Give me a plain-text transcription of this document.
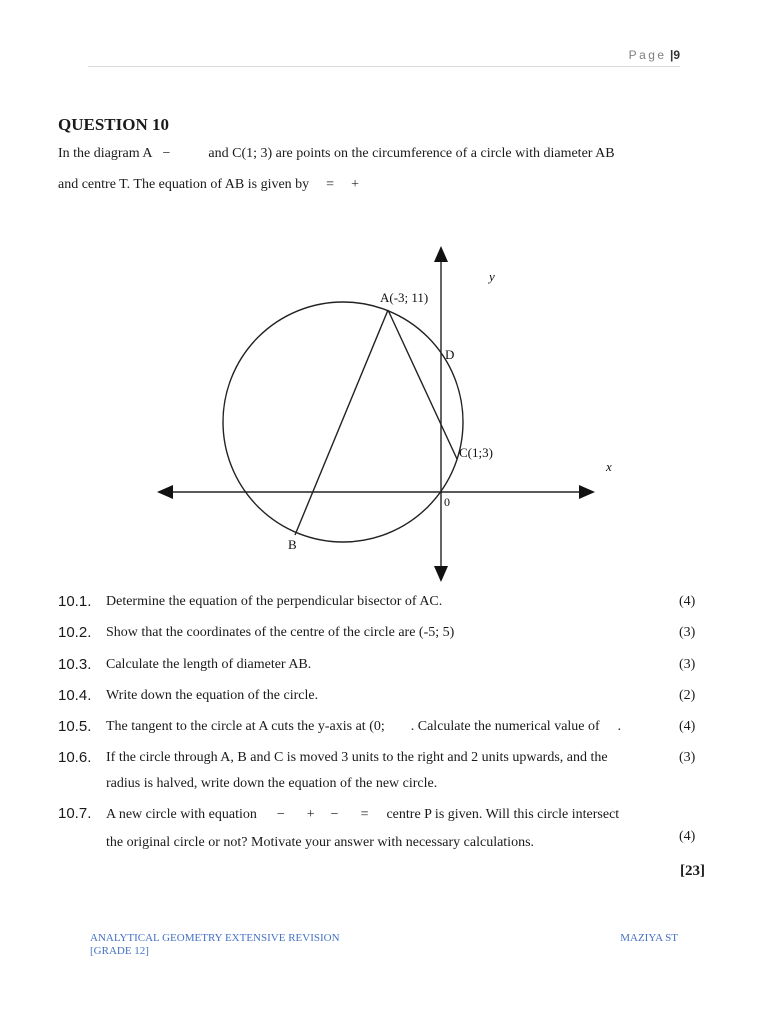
Page |9
QUESTION 10
In the diagram A −	and C(1; 3) are points on the circumference of a circle with diameter AB
and centre T. The equation of AB is given by = +
y
x
A(-3; 11)
D
C(1;3)
0
B
10.1. Determine the equation of the perpendicular bisector of AC.	(4)
10.2. Show that the coordinates of the centre of the circle are (-5; 5)	(3)
10.3. Calculate the length of diameter AB.	(3)
10.4. Write down the equation of the circle.	(2)
10.5. The tangent to the circle at A cuts the y-axis at (0; . Calculate the numerical value of .	(4)
10.6. If the circle through A, B and C is moved 3 units to the right and 2 units upwards, and the	(3)
radius is halved, write down the equation of the new circle.
10.7. A new circle with equation − + − = centre P is given. Will this circle intersect
the original circle or not? Motivate your answer with necessary calculations.	(4)
[23]
ANALYTICAL GEOMETRY EXTENSIVE REVISION
[GRADE 12]
MAZIYA ST
